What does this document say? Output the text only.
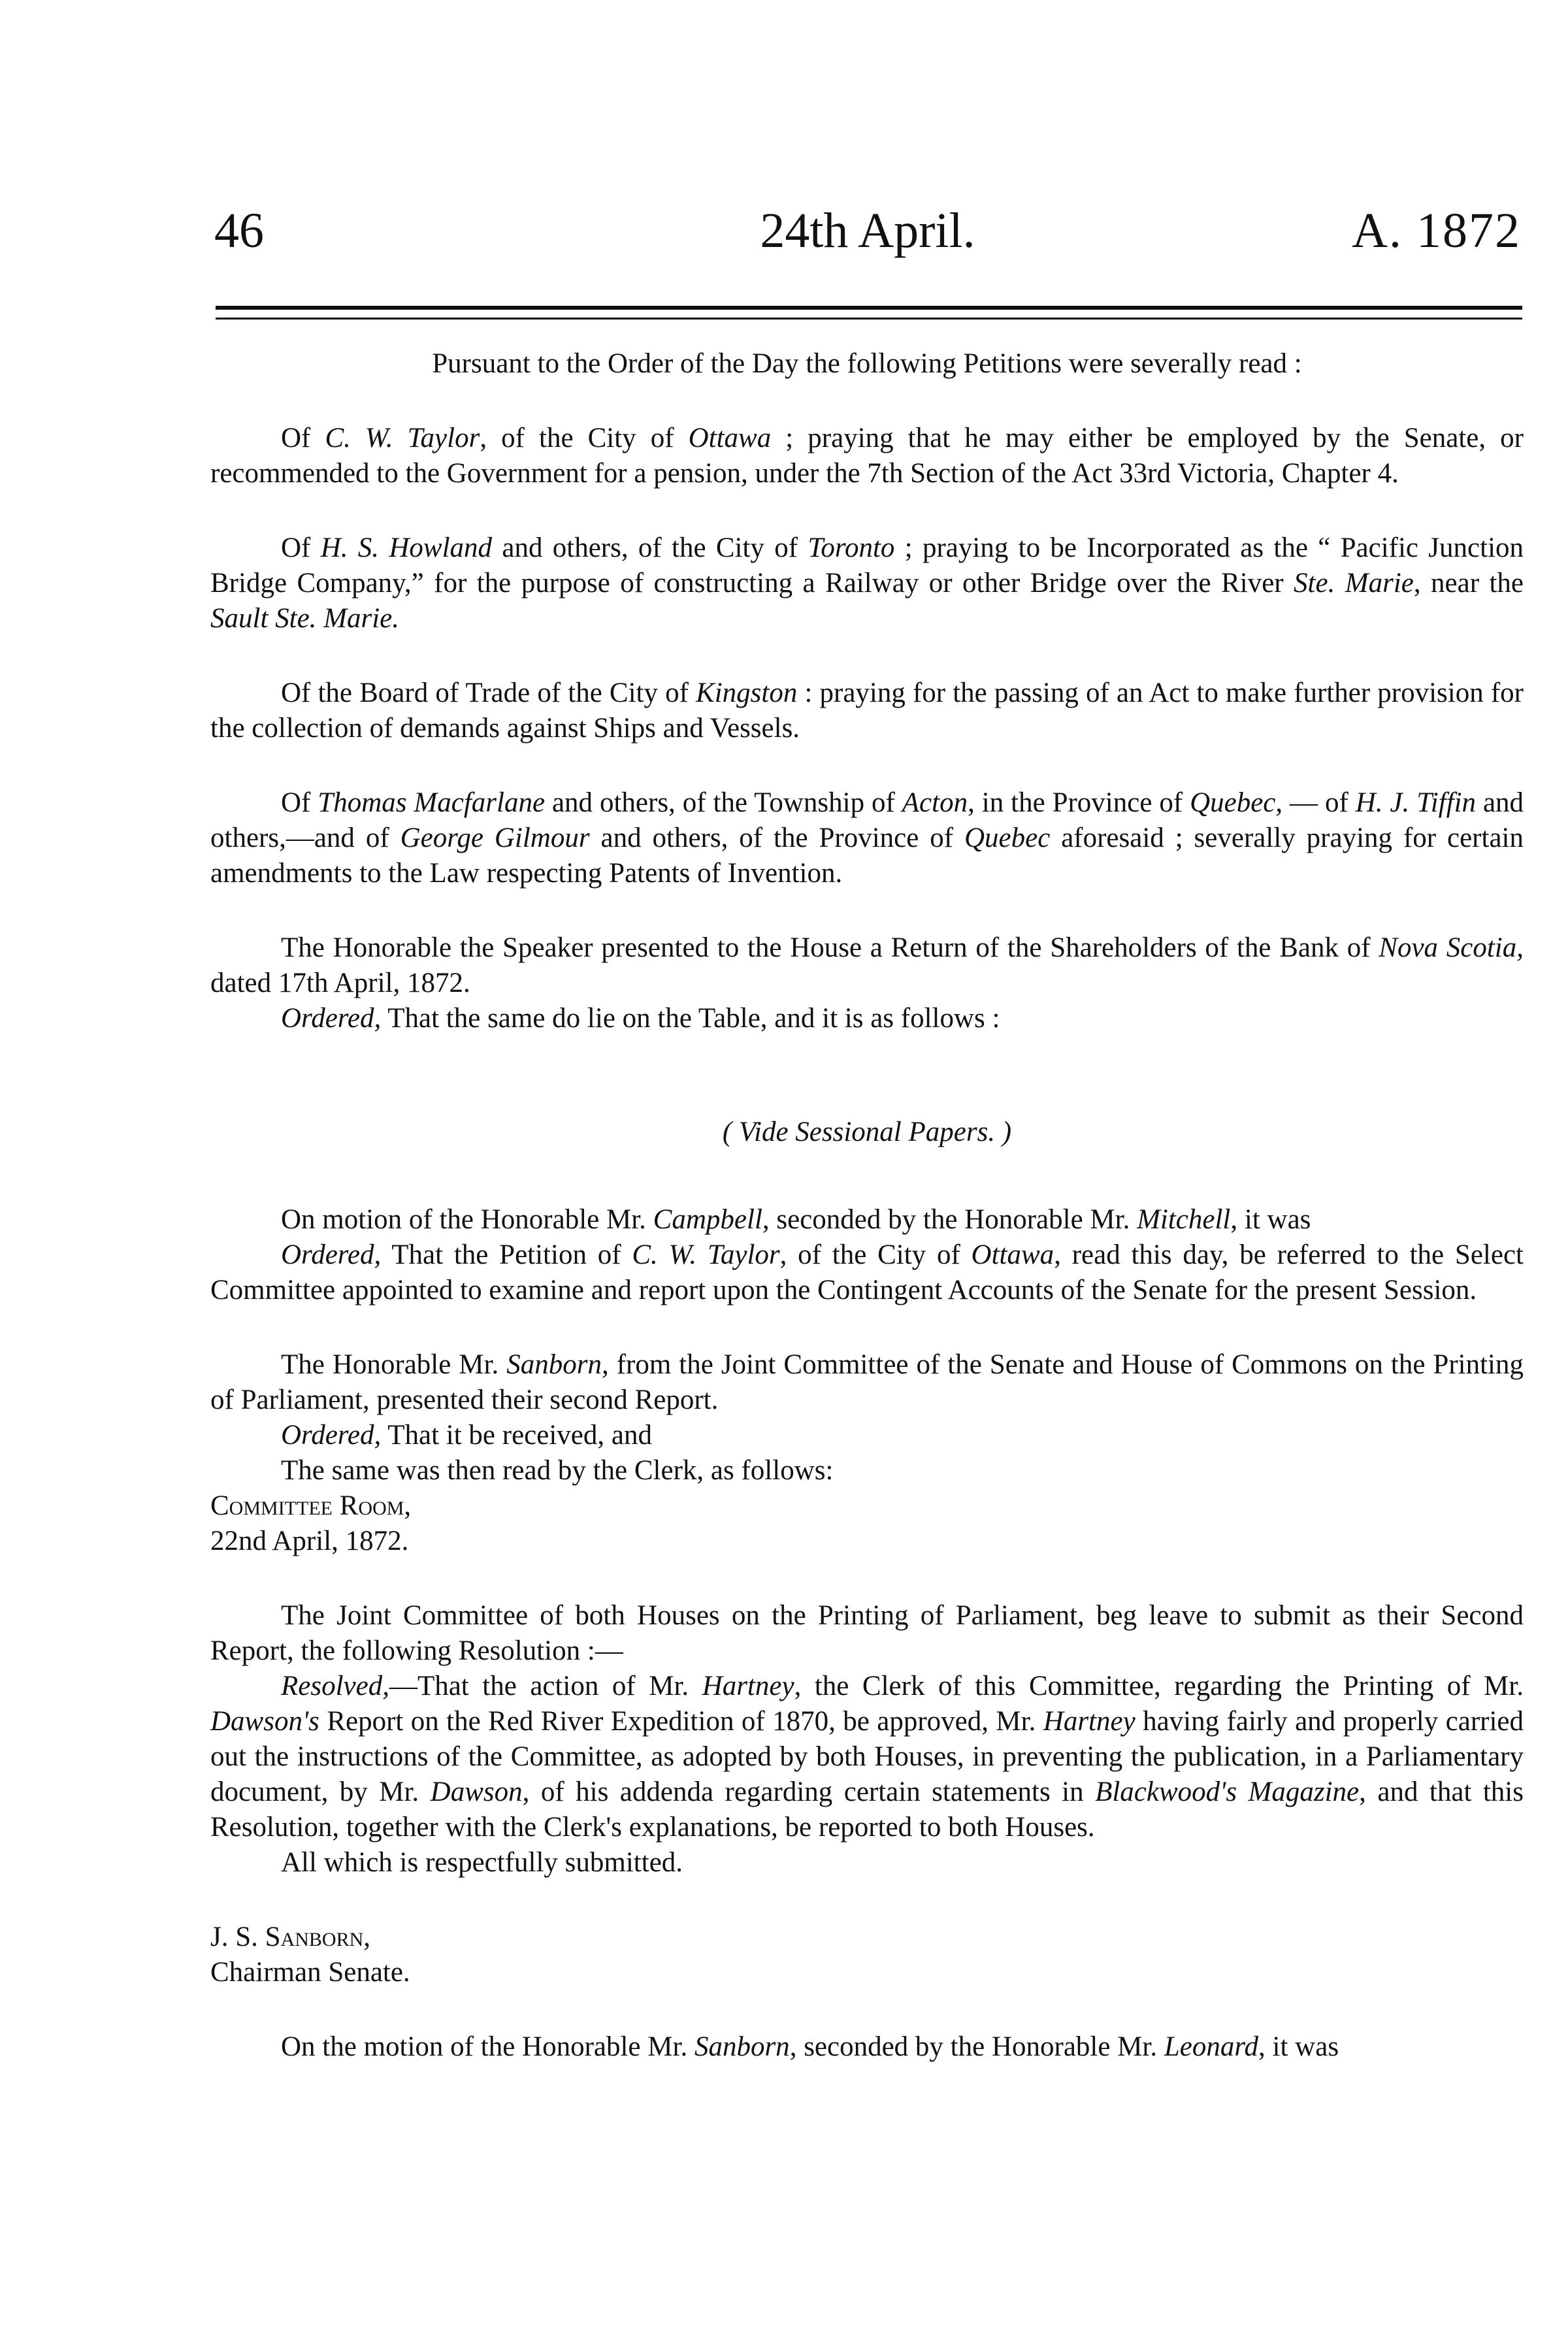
46	24th April.	A. 1872

Pursuant to the Order of the Day the following Petitions were severally read :

Of C. W. Taylor, of the City of Ottawa ; praying that he may either be employed by the Senate, or recommended to the Government for a pension, under the 7th Section of the Act 33rd Victoria, Chapter 4.

Of H. S. Howland and others, of the City of Toronto ; praying to be Incorporated as the “ Pacific Junction Bridge Company,” for the purpose of constructing a Railway or other Bridge over the River Ste. Marie, near the Sault Ste. Marie.

Of the Board of Trade of the City of Kingston : praying for the passing of an Act to make further provision for the collection of demands against Ships and Vessels.

Of Thomas Macfarlane and others, of the Township of Acton, in the Province of Quebec, — of H. J. Tiffin and others,—and of George Gilmour and others, of the Province of Quebec aforesaid ; severally praying for certain amendments to the Law respecting Patents of Invention.

The Honorable the Speaker presented to the House a Return of the Shareholders of the Bank of Nova Scotia, dated 17th April, 1872.

Ordered, That the same do lie on the Table, and it is as follows :

( Vide Sessional Papers. )

On motion of the Honorable Mr. Campbell, seconded by the Honorable Mr. Mitchell, it was

Ordered, That the Petition of C. W. Taylor, of the City of Ottawa, read this day, be referred to the Select Committee appointed to examine and report upon the Contingent Accounts of the Senate for the present Session.

The Honorable Mr. Sanborn, from the Joint Committee of the Senate and House of Commons on the Printing of Parliament, presented their second Report.

Ordered, That it be received, and

The same was then read by the Clerk, as follows:

Committee Room,

22nd April, 1872.

The Joint Committee of both Houses on the Printing of Parliament, beg leave to submit as their Second Report, the following Resolution :—

Resolved,—That the action of Mr. Hartney, the Clerk of this Committee, regarding the Printing of Mr. Dawson's Report on the Red River Expedition of 1870, be approved, Mr. Hartney having fairly and properly carried out the instructions of the Committee, as adopted by both Houses, in preventing the publication, in a Parliamentary document, by Mr. Dawson, of his addenda regarding certain statements in Blackwood's Magazine, and that this Resolution, together with the Clerk's explanations, be reported to both Houses.

All which is respectfully submitted.

J. S. Sanborn,

Chairman Senate.

On the motion of the Honorable Mr. Sanborn, seconded by the Honorable Mr. Leonard, it was
